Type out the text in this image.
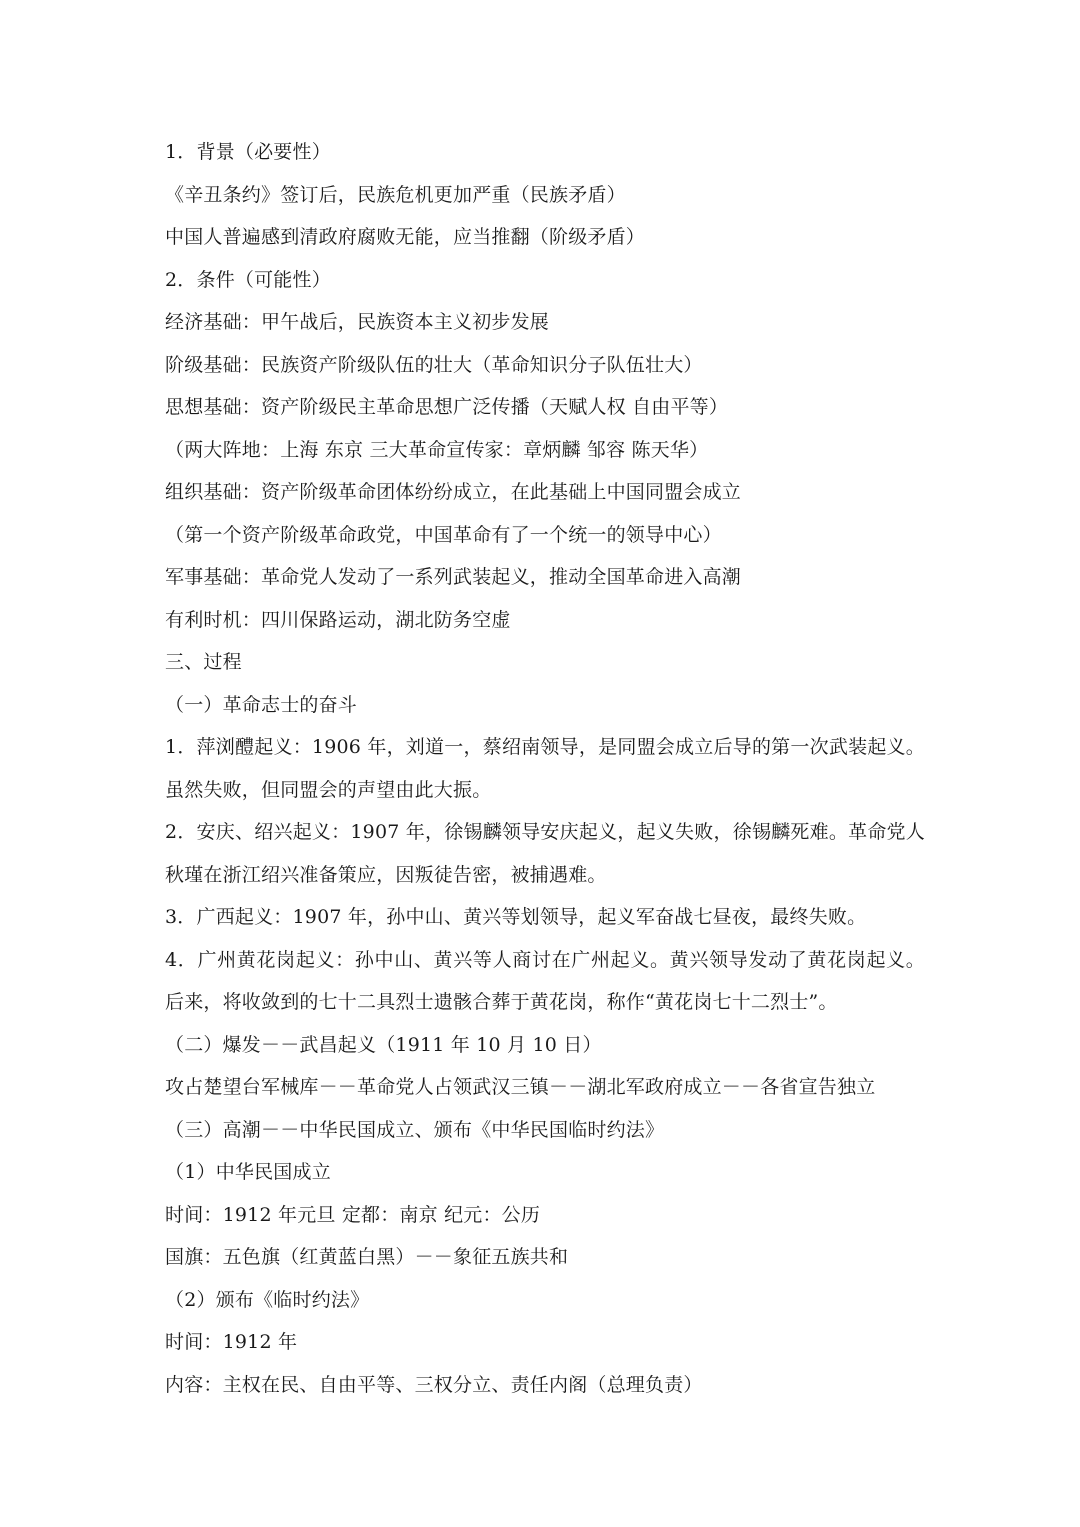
1．背景（必要性）

《辛丑条约》签订后，民族危机更加严重（民族矛盾）

中国人普遍感到清政府腐败无能，应当推翻（阶级矛盾）

2．条件（可能性）

经济基础：甲午战后，民族资本主义初步发展

阶级基础：民族资产阶级队伍的壮大（革命知识分子队伍壮大）

思想基础：资产阶级民主革命思想广泛传播（天赋人权 自由平等）

（两大阵地：上海 东京 三大革命宣传家：章炳麟 邹容 陈天华）

组织基础：资产阶级革命团体纷纷成立，在此基础上中国同盟会成立

（第一个资产阶级革命政党，中国革命有了一个统一的领导中心）

军事基础：革命党人发动了一系列武装起义，推动全国革命进入高潮

有利时机：四川保路运动，湖北防务空虚

三、过程

（一）革命志士的奋斗

1．萍浏醴起义：1906 年，刘道一，蔡绍南领导，是同盟会成立后导的第一次武装起义。虽然失败，但同盟会的声望由此大振。

2．安庆、绍兴起义：1907 年，徐锡麟领导安庆起义，起义失败，徐锡麟死难。革命党人秋瑾在浙江绍兴准备策应，因叛徒告密，被捕遇难。

3．广西起义：1907 年，孙中山、黄兴等划领导，起义军奋战七昼夜，最终失败。

4．广州黄花岗起义：孙中山、黄兴等人商讨在广州起义。黄兴领导发动了黄花岗起义。后来，将收敛到的七十二具烈士遗骸合葬于黄花岗，称作“黄花岗七十二烈士”。

（二）爆发－－武昌起义（1911 年 10 月 10 日）

攻占楚望台军械库－－革命党人占领武汉三镇－－湖北军政府成立－－各省宣告独立

（三）高潮－－中华民国成立、颁布《中华民国临时约法》

（1）中华民国成立

时间：1912 年元旦 定都：南京 纪元：公历

国旗：五色旗（红黄蓝白黑）－－象征五族共和

（2）颁布《临时约法》

时间：1912 年

内容：主权在民、自由平等、三权分立、责任内阁（总理负责）
